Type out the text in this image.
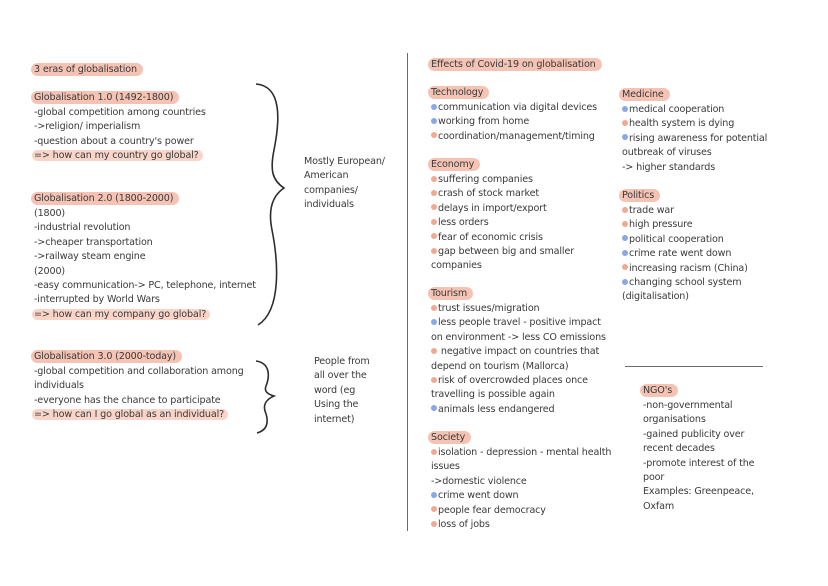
3 eras of globalisation
Globalisation 1.0 (1492-1800)
-global competition among countries
->religion/ imperialism
-question about a country's power
=> how can my country go global?
Globalisation 2.0 (1800-2000)
(1800)
-industrial revolution
->cheaper transportation
->railway steam engine
(2000)
-easy communication-> PC, telephone, internet
-interrupted by World Wars
=> how can my company go global?
Globalisation 3.0 (2000-today)
-global competition and collaboration among
individuals
-everyone has the chance to participate
=> how can I go global as an individual?
Mostly European/
American
companies/
individuals
People from
all over the
word (eg
Using the
internet)
Effects of Covid-19 on globalisation
Technology
communication via digital devices
working from home
coordination/management/timing
Economy
suffering companies
crash of stock market
delays in import/export
less orders
fear of economic crisis
gap between big and smaller
companies
Tourism
trust issues/migration
less people travel - positive impact
on environment -> less CO emissions
negative impact on countries that
depend on tourism (Mallorca)
risk of overcrowded places once
travelling is possible again
animals less endangered
Society
isolation - depression - mental health
issues
->domestic violence
crime went down
people fear democracy
loss of jobs
Medicine
medical cooperation
health system is dying
rising awareness for potential
outbreak of viruses
-> higher standards
Politics
trade war
high pressure
political cooperation
crime rate went down
increasing racism (China)
changing school system
(digitalisation)
NGO's
-non-governmental
organisations
-gained publicity over
recent decades
-promote interest of the
poor
Examples: Greenpeace,
Oxfam
